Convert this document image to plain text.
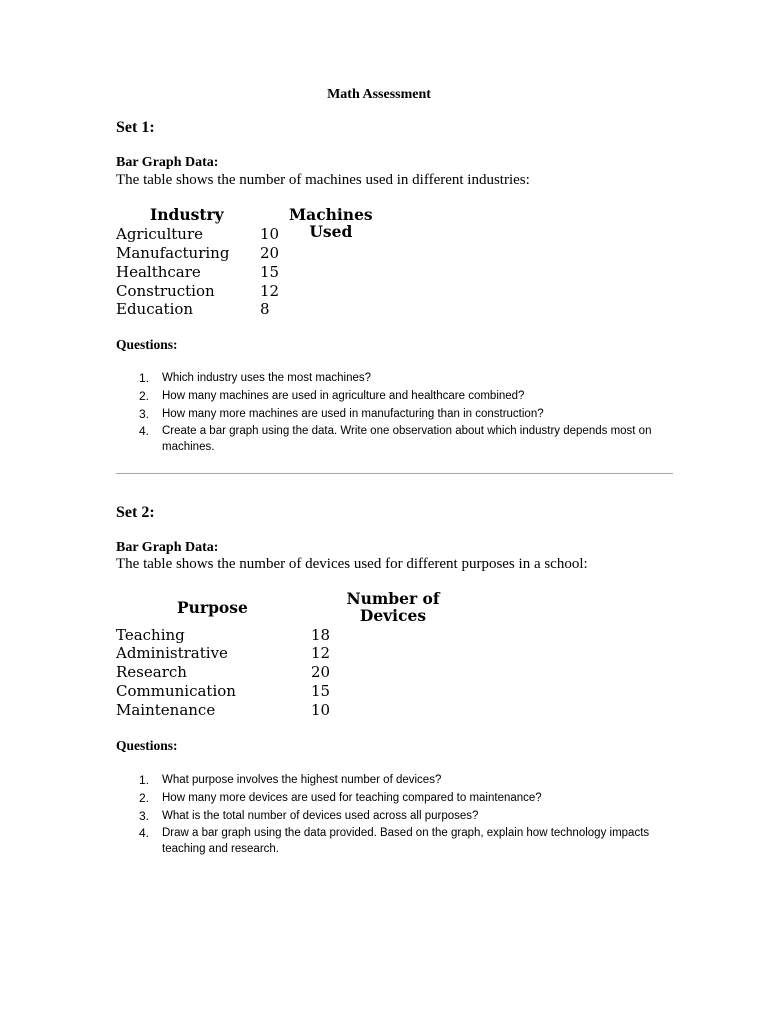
Math Assessment
Set 1:
Bar Graph Data:
The table shows the number of machines used in different industries:
Industry	Machines Used
Agriculture	10
Manufacturing 20
Healthcare	15
Construction	12
Education	8
Questions:
1. Which industry uses the most machines?
2. How many machines are used in agriculture and healthcare combined?
3. How many more machines are used in manufacturing than in construction?
4. Create a bar graph using the data. Write one observation about which industry depends most on machines.
Set 2:
Bar Graph Data:
The table shows the number of devices used for different purposes in a school:
Purpose	Number of Devices
Teaching	18
Administrative	12
Research	20
Communication	15
Maintenance	10
Questions:
1. What purpose involves the highest number of devices?
2. How many more devices are used for teaching compared to maintenance?
3. What is the total number of devices used across all purposes?
4. Draw a bar graph using the data provided. Based on the graph, explain how technology impacts teaching and research.
